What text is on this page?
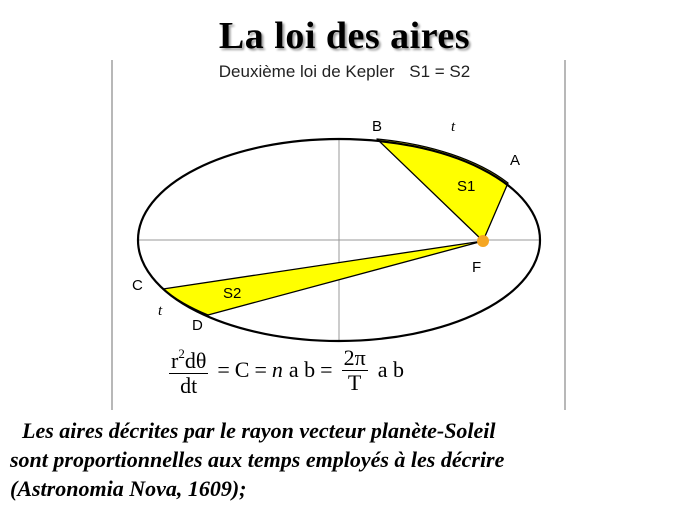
La loi des aires
Deuxième loi de Kepler S1 = S2
B
A
F
C
D
t
t
S1
S2
$\frac{r^2d\theta}{dt} = C = n$ a $b = \frac{2\pi}{T}$ a b
Les aires décrites par le rayon vecteur planète-Soleil
sont proportionnelles aux temps employés à les décrire
(Astronomia Nova, 1609);
